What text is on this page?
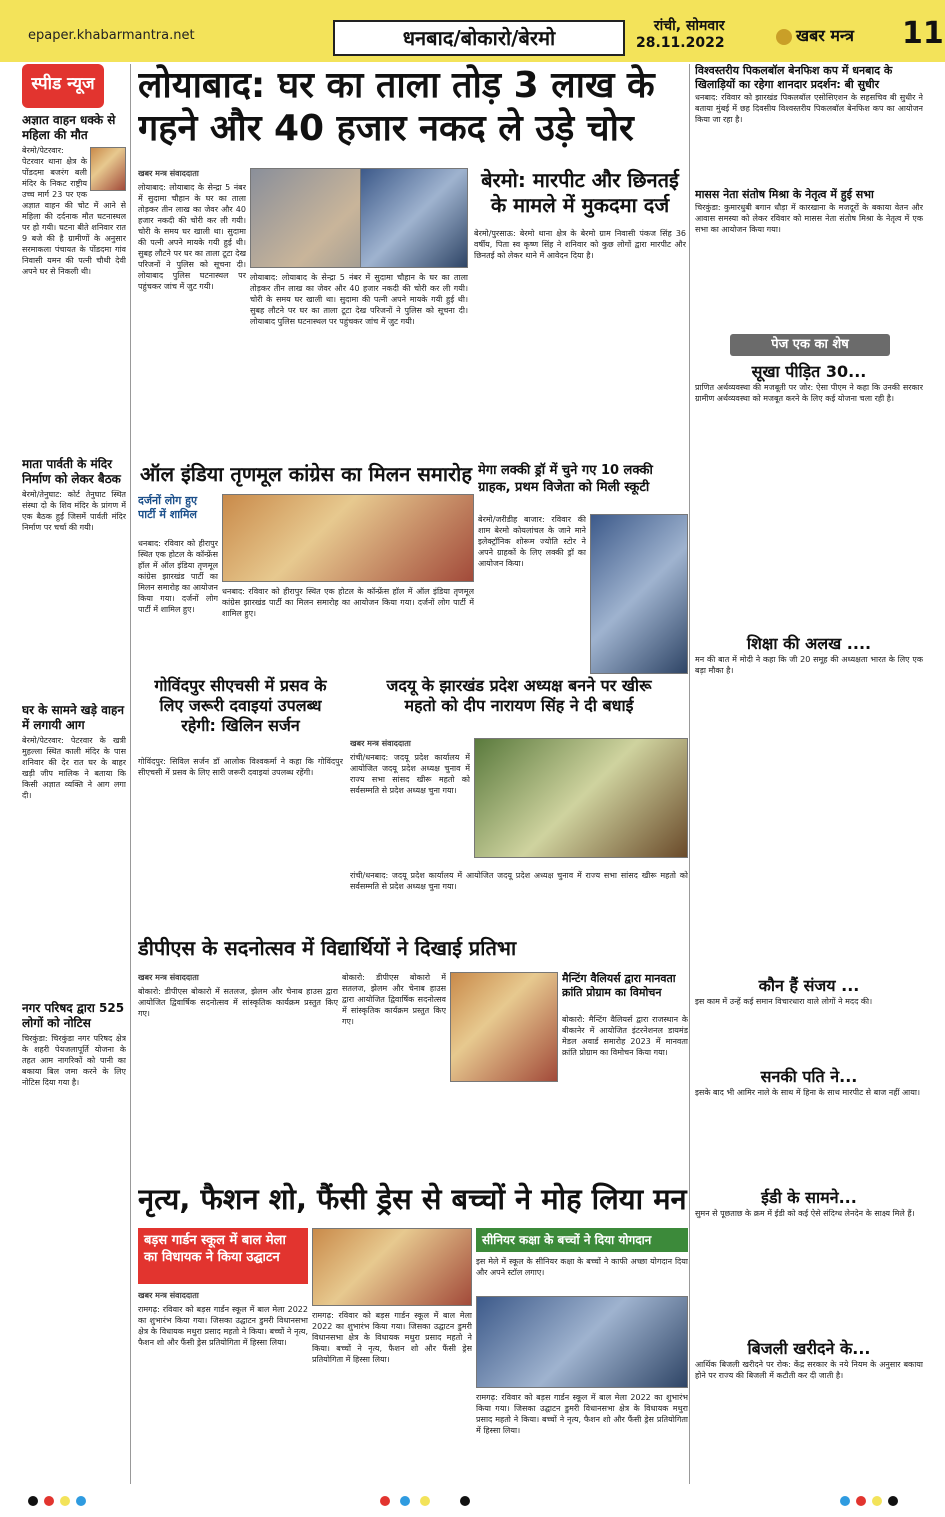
epaper.khabarmantra.net	धनबाद/बोकारो/बेरमो	रांची, सोमवार
28.11.2022	खबर मन्त्र 11
स्पीड न्यूज
अज्ञात वाहन धक्के से महिला की मौत
बेरमो/पेटरवार: पेटरवार थाना क्षेत्र के पोंडदमा बजरंग बली मंदिर के निकट राष्ट्रीय उच्च मार्ग 23 पर एक अज्ञात वाहन की चोट में आने से महिला की दर्दनाक मौत घटनास्थल पर हो गयी। घटना बीते शनिवार रात 9 बजे की है ग्रामीणों के अनुसार सरमाकला पंचायत के पोंडदमा गांव निवासी यमन की पत्नी चौथी देवी अपने घर से निकली थी।
माता पार्वती के मंदिर निर्माण को लेकर बैठक
बेरमो/तेनुघाट: कोर्ट तेनुघाट स्थित संस्था दो के शिव मंदिर के प्रांगण में एक बैठक हुई जिसमें पार्वती मंदिर निर्माण पर चर्चा की गयी।
घर के सामने खड़े वाहन में लगायी आग
बेरमो/पेटरवार: पेटरवार के खत्री मुहल्ला स्थित काली मंदिर के पास शनिवार की देर रात घर के बाहर खड़ी जीप मालिक ने बताया कि किसी अज्ञात व्यक्ति ने आग लगा दी।
नगर परिषद द्वारा 525 लोगों को नोटिस
चिरकुंडा: चिरकुंडा नगर परिषद क्षेत्र के शहरी पेयजलापूर्ति योजना के तहत आम नागरिकों को पानी का बकाया बिल जमा करने के लिए नोटिस दिया गया है।
लोयाबाद: घर का ताला तोड़ 3 लाख के
गहने और 40 हजार नकद ले उड़े चोर
खबर मन्त्र संवाददाता
लोयाबाद: लोयाबाद के सेन्द्रा 5 नंबर में सुदामा चौहान के घर का ताला तोड़कर तीन लाख का जेवर और 40 हजार नकदी की चोरी कर ली गयी। चोरी के समय घर खाली था। सुदामा की पत्नी अपने मायके गयी हुई थी। सुबह लौटने पर घर का ताला टूटा देख परिजनों ने पुलिस को सूचना दी। लोयाबाद पुलिस घटनास्थल पर पहुंचकर जांच में जुट गयी।
लोयाबाद: लोयाबाद के सेन्द्रा 5 नंबर में सुदामा चौहान के घर का ताला तोड़कर तीन लाख का जेवर और 40 हजार नकदी की चोरी कर ली गयी। चोरी के समय घर खाली था। सुदामा की पत्नी अपने मायके गयी हुई थी। सुबह लौटने पर घर का ताला टूटा देख परिजनों ने पुलिस को सूचना दी। लोयाबाद पुलिस घटनास्थल पर पहुंचकर जांच में जुट गयी।
बेरमो: मारपीट और छिनतई
के मामले में मुकदमा दर्ज
बेरमो/पुरसाऊ: बेरमो थाना क्षेत्र के बेरमो ग्राम निवासी पंकज सिंह 36 वर्षीय, पिता स्व कृष्ण सिंह ने शनिवार को कुछ लोगों द्वारा मारपीट और छिनतई को लेकर थाने में आवेदन दिया है।
विश्वस्तरीय पिकलबॉल बेनफिश कप में धनबाद के खिलाड़ियों का रहेगा शानदार प्रदर्शन: बी सुधीर
धनबाद: रविवार को झारखंड पिकलबॉल एसोसिएशन के सहसचिव बी सुधीर ने बताया मुंबई में छह दिवसीय विश्वस्तरीय पिकलबॉल बेनफिश कप का आयोजन किया जा रहा है।
मासस नेता संतोष मिश्रा के नेतृत्व में हुई सभा
चिरकुंडा: कुमारधुबी बगान धौड़ा में कारखाना के मजदूरों के बकाया वेतन और आवास समस्या को लेकर रविवार को मासस नेता संतोष मिश्रा के नेतृत्व में एक सभा का आयोजन किया गया।
पेज एक का शेष
सूखा पीड़ित 30...
प्राणित अर्थव्यवस्था की मजबूती पर जोर: ऐसा पीएम ने कहा कि उनकी सरकार ग्रामीण अर्थव्यवस्था को मजबूत करने के लिए कई योजना चला रही है।
शिक्षा की अलख ....
मन की बात में मोदी ने कहा कि जी 20 समूह की अध्यक्षता भारत के लिए एक बड़ा मौका है।
कौन हैं संजय ...
इस काम में उन्हें कई समान विचारधारा वाले लोगों ने मदद की।
सनकी पति ने...
इसके बाद भी आमिर नाले के साथ में हिना के साथ मारपीट से बाज नहीं आया।
ईडी के सामने...
सुमन से पूछताछ के क्रम में ईडी को कई ऐसे संदिग्ध लेनदेन के साक्ष्य मिले हैं।
बिजली खरीदने के...
आर्थिक बिजली खरीदने पर रोक: केंद्र सरकार के नये नियम के अनुसार बकाया होने पर राज्य की बिजली में कटौती कर दी जाती है।
ऑल इंडिया तृणमूल कांग्रेस का मिलन समारोह
दर्जनों लोग हुए पार्टी में शामिल
धनबाद: रविवार को हीरापुर स्थित एक होटल के कॉन्फ्रेंस हॉल में ऑल इंडिया तृणमूल कांग्रेस झारखंड पार्टी का मिलन समारोह का आयोजन किया गया। दर्जनों लोग पार्टी में शामिल हुए।
धनबाद: रविवार को हीरापुर स्थित एक होटल के कॉन्फ्रेंस हॉल में ऑल इंडिया तृणमूल कांग्रेस झारखंड पार्टी का मिलन समारोह का आयोजन किया गया। दर्जनों लोग पार्टी में शामिल हुए।
मेगा लक्की ड्रॉ में चुने गए 10 लक्की
ग्राहक, प्रथम विजेता को मिली स्कूटी
बेरमो/जरीडीह बाजार: रविवार की शाम बेरमो कोयलांचल के जाने माने इलेक्ट्रॉनिक शोरूम ज्योति स्टोर ने अपने ग्राहकों के लिए लक्की ड्रॉ का आयोजन किया।
गोविंदपुर सीएचसी में प्रसव के
लिए जरूरी दवाइयां उपलब्ध
रहेगी: खिलिन सर्जन
गोविंदपुर: सिविल सर्जन डॉ आलोक विश्वकर्मा ने कहा कि गोविंदपुर सीएचसी में प्रसव के लिए सारी जरूरी दवाइयां उपलब्ध रहेंगी।
जदयू के झारखंड प्रदेश अध्यक्ष बनने पर खीरू
महतो को दीप नारायण सिंह ने दी बधाई
खबर मन्त्र संवाददाता
रांची/धनबाद: जदयू प्रदेश कार्यालय में आयोजित जदयू प्रदेश अध्यक्ष चुनाव में राज्य सभा सांसद खीरू महतो को सर्वसम्मति से प्रदेश अध्यक्ष चुना गया।
रांची/धनबाद: जदयू प्रदेश कार्यालय में आयोजित जदयू प्रदेश अध्यक्ष चुनाव में राज्य सभा सांसद खीरू महतो को सर्वसम्मति से प्रदेश अध्यक्ष चुना गया।
डीपीएस के सदनोत्सव में विद्यार्थियों ने दिखाई प्रतिभा
खबर मन्त्र संवाददाता
बोकारो: डीपीएस बोकारो में सतलज, झेलम और चेनाब हाउस द्वारा आयोजित द्विवार्षिक सदनोत्सव में सांस्कृतिक कार्यक्रम प्रस्तुत किए गए।
बोकारो: डीपीएस बोकारो में सतलज, झेलम और चेनाब हाउस द्वारा आयोजित द्विवार्षिक सदनोत्सव में सांस्कृतिक कार्यक्रम प्रस्तुत किए गए।
मैन्टिंग वैलियर्स द्वारा मानवता
क्रांति प्रोग्राम का विमोचन
बोकारो: मैन्टिंग वैलियर्स द्वारा राजस्थान के बीकानेर में आयोजित इंटरनेशनल डायमंड मेडल अवार्ड समारोह 2023 में मानवता क्रांति प्रोग्राम का विमोचन किया गया।
नृत्य, फैशन शो, फैंसी ड्रेस से बच्चों ने मोह लिया मन
बड़स गार्डन स्कूल में बाल मेला का विधायक ने किया उद्घाटन
खबर मन्त्र संवाददाता
रामगढ़: रविवार को बड़स गार्डन स्कूल में बाल मेला 2022 का शुभारंभ किया गया। जिसका उद्घाटन डुमरी विधानसभा क्षेत्र के विधायक मथुरा प्रसाद महतो ने किया। बच्चों ने नृत्य, फैशन शो और फैंसी ड्रेस प्रतियोगिता में हिस्सा लिया।
रामगढ़: रविवार को बड़स गार्डन स्कूल में बाल मेला 2022 का शुभारंभ किया गया। जिसका उद्घाटन डुमरी विधानसभा क्षेत्र के विधायक मथुरा प्रसाद महतो ने किया। बच्चों ने नृत्य, फैशन शो और फैंसी ड्रेस प्रतियोगिता में हिस्सा लिया।
सीनियर कक्षा के बच्चों ने दिया योगदान
इस मेले में स्कूल के सीनियर कक्षा के बच्चों ने काफी अच्छा योगदान दिया और अपने स्टॉल लगाए।
रामगढ़: रविवार को बड़स गार्डन स्कूल में बाल मेला 2022 का शुभारंभ किया गया। जिसका उद्घाटन डुमरी विधानसभा क्षेत्र के विधायक मथुरा प्रसाद महतो ने किया। बच्चों ने नृत्य, फैशन शो और फैंसी ड्रेस प्रतियोगिता में हिस्सा लिया।
